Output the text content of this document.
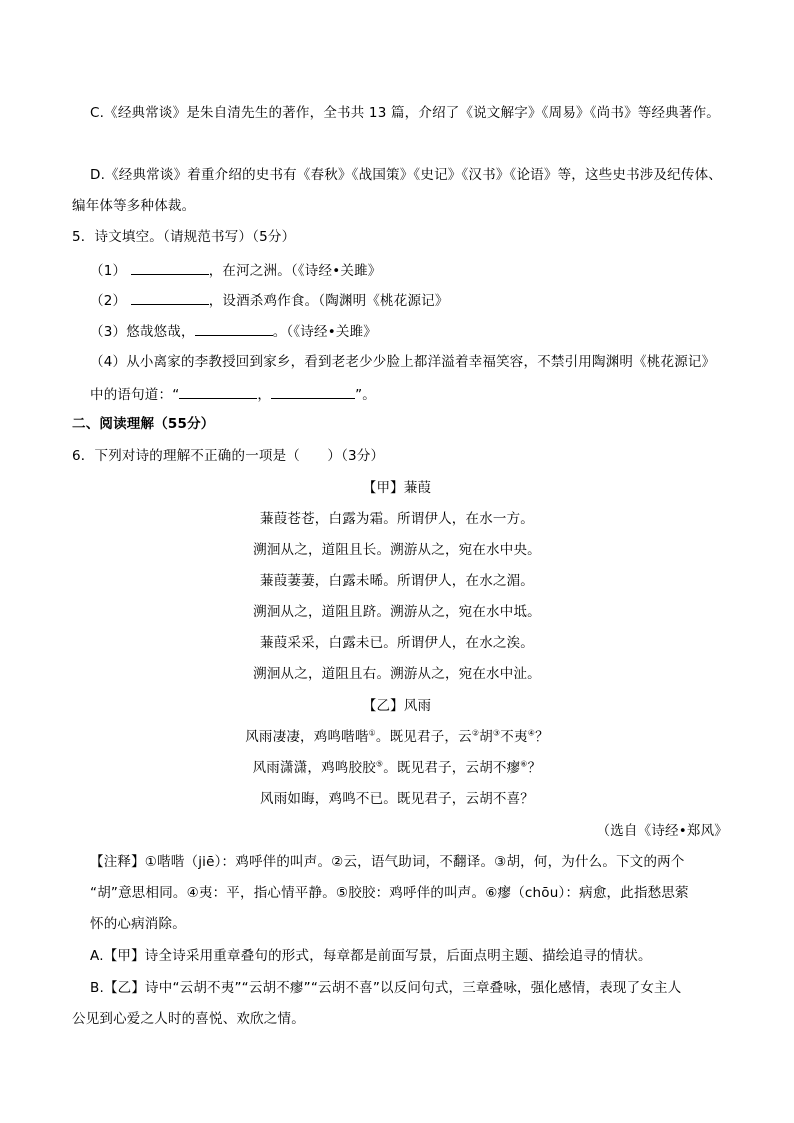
C.《经典常谈》是朱自清先生的著作，全书共 13 篇，介绍了《说文解字》《周易》《尚书》等经典著作。
D.《经典常谈》着重介绍的史书有《春秋》《战国策》《史记》《汉书》《论语》等，这些史书涉及纪传体、
编年体等多种体裁。
5．诗文填空。（请规范书写）（5分）
（1）	，在河之洲。（《诗经•关雎》
（2）	，设酒杀鸡作食。（陶渊明《桃花源记》
（3）悠哉悠哉，	。（《诗经•关雎》
（4）从小离家的李教授回到家乡，看到老老少少脸上都洋溢着幸福笑容，不禁引用陶渊明《桃花源记》
中的语句道：“	，	”。
二、阅读理解（55分）
6．下列对诗的理解不正确的一项是（　　）（3分）
【甲】蒹葭
蒹葭苍苍，白露为霜。所谓伊人，在水一方。
溯洄从之，道阻且长。溯游从之，宛在水中央。
蒹葭萋萋，白露未晞。所谓伊人，在水之湄。
溯洄从之，道阻且跻。溯游从之，宛在水中坻。
蒹葭采采，白露未已。所谓伊人，在水之涘。
溯洄从之，道阻且右。溯游从之，宛在水中沚。
【乙】风雨
风雨凄凄，鸡鸣喈喈①。既见君子，云②胡③不夷④？
风雨潇潇，鸡鸣胶胶⑤。既见君子，云胡不瘳⑥？
风雨如晦，鸡鸣不已。既见君子，云胡不喜？
（选自《诗经•郑风》
【注释】①喈喈（jiē）：鸡呼伴的叫声。②云，语气助词，不翻译。③胡，何，为什么。下文的两个
“胡”意思相同。④夷：平，指心情平静。⑤胶胶：鸡呼伴的叫声。⑥瘳（chōu）：病愈，此指愁思萦
怀的心病消除。
A.【甲】诗全诗采用重章叠句的形式，每章都是前面写景，后面点明主题、描绘追寻的情状。
B.【乙】诗中“云胡不夷”“云胡不瘳”“云胡不喜”以反问句式，三章叠咏，强化感情，表现了女主人
公见到心爱之人时的喜悦、欢欣之情。
